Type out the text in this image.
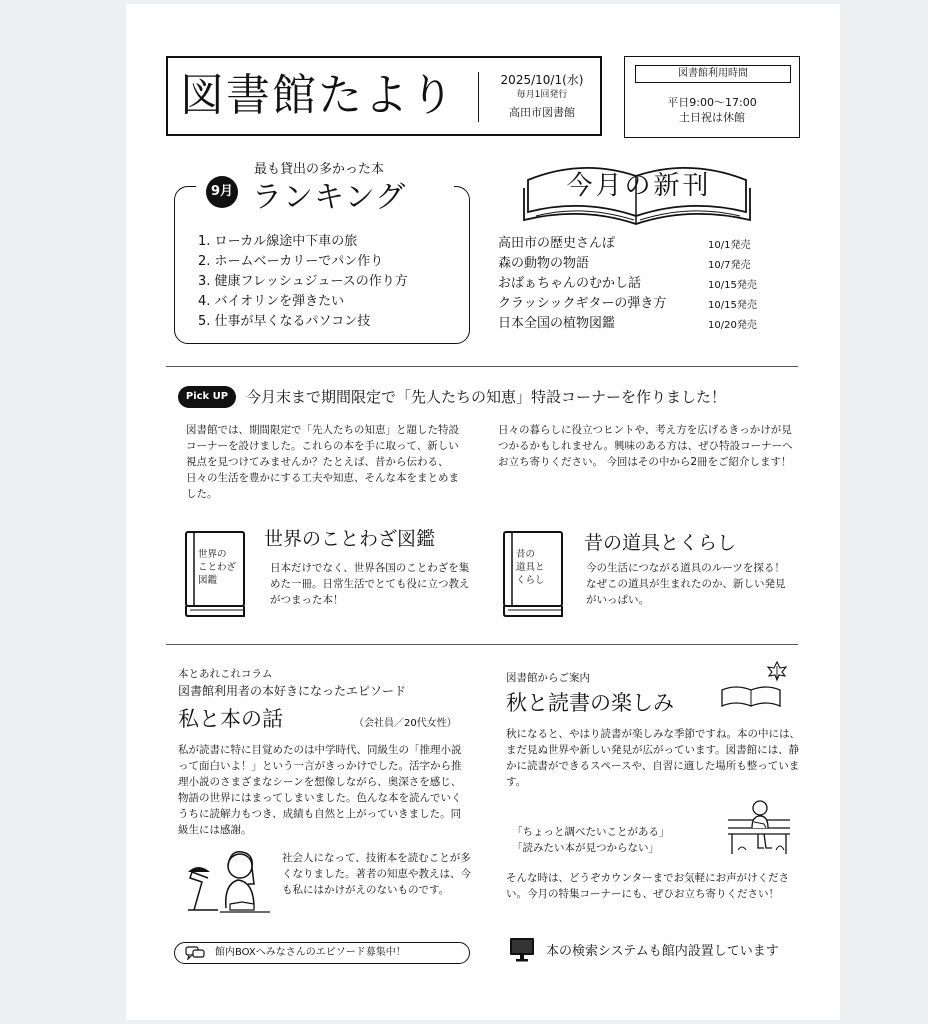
図書館たより	2025/10/1(水)
毎月1回発行
高田市図書館
図書館利用時間
平日9:00～17:00
土日祝は休館
9月
最も貸出の多かった本
ランキング
1. ローカル線途中下車の旅
2. ホームベーカリーでパン作り
3. 健康フレッシュジュースの作り方
4. バイオリンを弾きたい
5. 仕事が早くなるパソコン技
今月の新刊
高田市の歴史さんぽ	10/1発売
森の動物の物語	10/7発売
おばぁちゃんのむかし話	10/15発売
クラッシックギターの弾き方	10/15発売
日本全国の植物図鑑	10/20発売
Pick UP	今月末まで期間限定で「先人たちの知恵」特設コーナーを作りました！
図書館では、期間限定で「先人たちの知恵」と題した特設コーナーを設けました。これらの本を手に取って、新しい視点を見つけてみませんか？たとえば、昔から伝わる、日々の生活を豊かにする工夫や知恵、そんな本をまとめました。
日々の暮らしに役立つヒントや、考え方を広げるきっかけが見つかるかもしれません。興味のある方は、ぜひ特設コーナーへお立ち寄りください。 今回はその中から2冊をご紹介します！
世界の
ことわざ
図鑑
世界のことわざ図鑑
日本だけでなく、世界各国のことわざを集めた一冊。日常生活でとても役に立つ教えがつまった本！
昔の
道具と
くらし
昔の道具とくらし
今の生活につながる道具のルーツを探る！なぜこの道具が生まれたのか、新しい発見がいっぱい。
本とあれこれコラム
図書館利用者の本好きになったエピソード
私と本の話	（会社員／20代女性）
私が読書に特に目覚めたのは中学時代、同級生の「推理小説って面白いよ！」という一言がきっかけでした。活字から推理小説のさまざまなシーンを想像しながら、奥深さを感じ、物語の世界にはまってしまいました。色んな本を読んでいくうちに読解力もつき、成績も自然と上がっていきました。同級生には感謝。
社会人になって、技術本を読むことが多くなりました。著者の知恵や教えは、今も私にはかけがえのないものです。
館内BOXへみなさんのエピソード募集中！
図書館からご案内
秋と読書の楽しみ
秋になると、やはり読書が楽しみな季節ですね。本の中には、まだ見ぬ世界や新しい発見が広がっています。図書館には、静かに読書ができるスペースや、自習に適した場所も整っています。
「ちょっと調べたいことがある」
「読みたい本が見つからない」
そんな時は、どうぞカウンターまでお気軽にお声がけください。今月の特集コーナーにも、ぜひお立ち寄りください！
本の検索システムも館内設置しています
